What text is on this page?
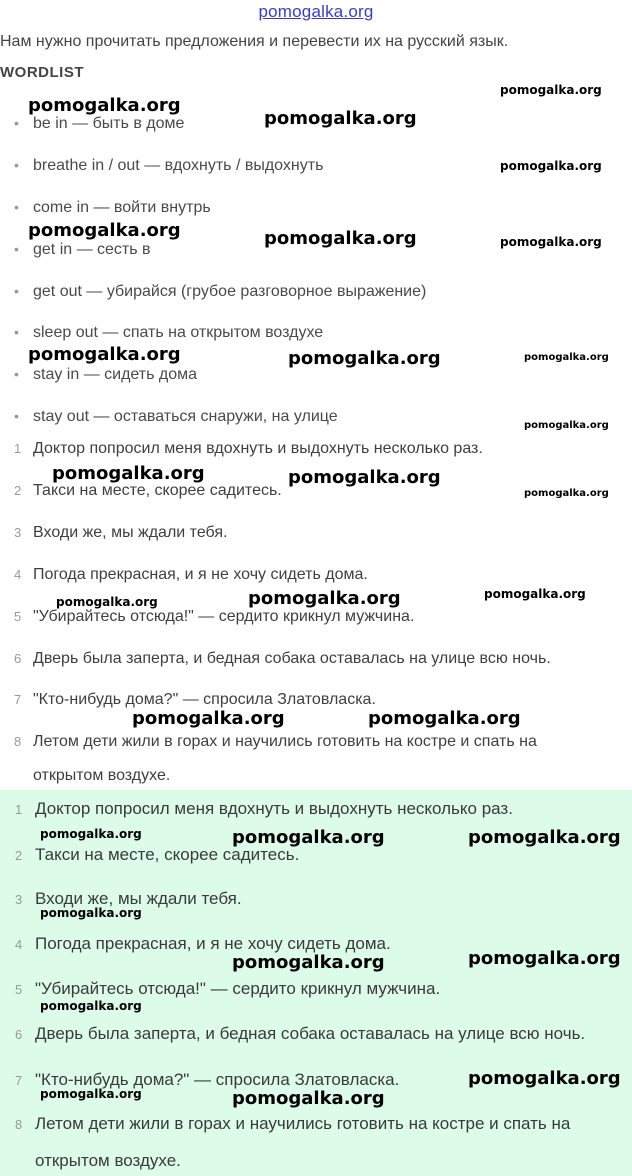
pomogalka.org
Нам нужно прочитать предложения и перевести их на русский язык.
WORDLIST
• be in — быть в доме
• breathe in / out — вдохнуть / выдохнуть
• come in — войти внутрь
• get in — сесть в
• get out — убирайся (грубое разговорное выражение)
• sleep out — спать на открытом воздухе
• stay in — сидеть дома
• stay out — оставаться снаружи, на улице
1 Доктор попросил меня вдохнуть и выдохнуть несколько раз.
2 Такси на месте, скорее садитесь.
3 Входи же, мы ждали тебя.
4 Погода прекрасная, и я не хочу сидеть дома.
5 "Убирайтесь отсюда!" — сердито крикнул мужчина.
6 Дверь была заперта, и бедная собака оставалась на улице всю ночь.
7 "Кто-нибудь дома?" — спросила Златовласка.
8 Летом дети жили в горах и научились готовить на костре и спать на
открытом воздухе.
1 Доктор попросил меня вдохнуть и выдохнуть несколько раз.
2 Такси на месте, скорее садитесь.
3 Входи же, мы ждали тебя.
4 Погода прекрасная, и я не хочу сидеть дома.
5 "Убирайтесь отсюда!" — сердито крикнул мужчина.
6 Дверь была заперта, и бедная собака оставалась на улице всю ночь.
7 "Кто-нибудь дома?" — спросила Златовласка.
8 Летом дети жили в горах и научились готовить на костре и спать на
открытом воздухе.
pomogalka.org
pomogalka.org
pomogalka.org
pomogalka.org
pomogalka.org	pomogalka.org	pomogalka.org
pomogalka.org	pomogalka.org	pomogalka.org
pomogalka.org
pomogalka.org	pomogalka.org
pomogalka.org
pomogalka.org	pomogalka.org	pomogalka.org
pomogalka.org	pomogalka.org
pomogalka.org	pomogalka.org	pomogalka.org
pomogalka.org
pomogalka.org	pomogalka.org
pomogalka.org
pomogalka.org
pomogalka.org	pomogalka.org
